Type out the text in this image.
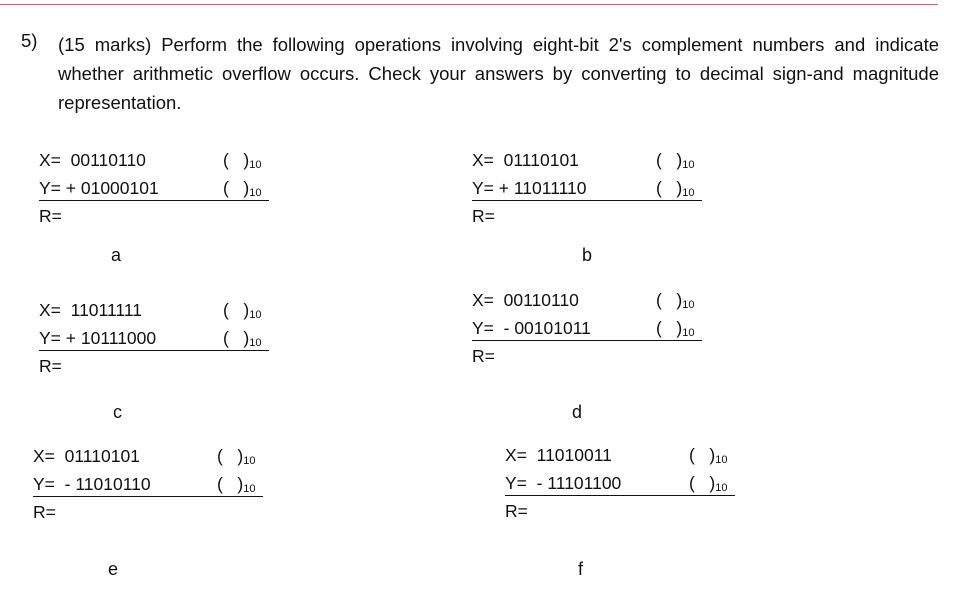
5) (15 marks) Perform the following operations involving eight-bit 2's complement numbers and indicate whether arithmetic overflow occurs. Check your answers by converting to decimal sign-and magnitude representation.
X= 00110110
Y= + 01000101
R=
(   )$_{10}$
(   )$_{10}$
a
X= 01110101
Y= + 11011110
R=
(   )$_{10}$
(   )$_{10}$
b
X= 11011111
Y= + 10111000
R=
(   )$_{10}$
(   )$_{10}$
c
X= 00110110
Y=  - 00101011
R=
(   )$_{10}$
(   )$_{10}$
d
X= 01110101
Y=  - 11010110
R=
(   )$_{10}$
(   )$_{10}$
e
X= 11010011
Y=  - 11101100
R=
(   )$_{10}$
(   )$_{10}$
f
